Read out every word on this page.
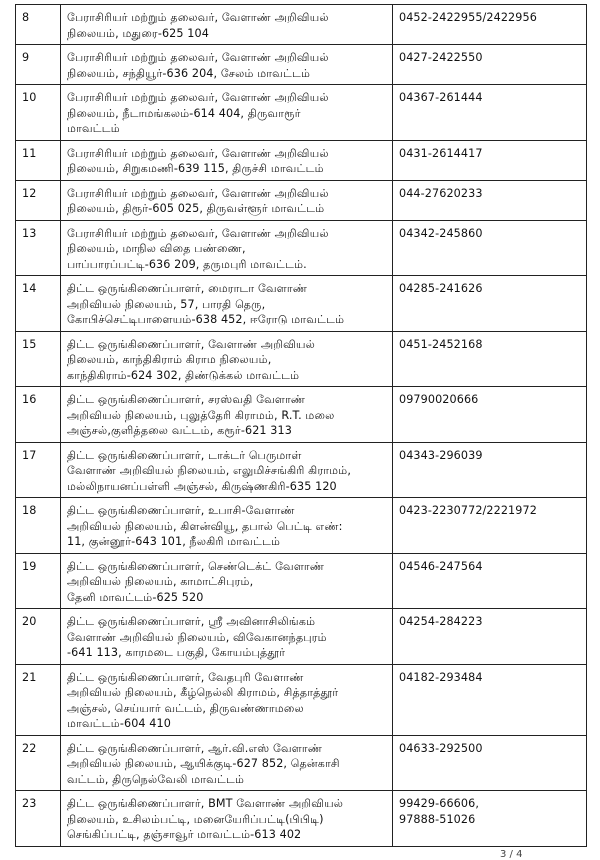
8	பேராசிரியர் மற்றும் தலைவர், வேளாண் அறிவியல்
நிலையம், மதுரை-625 104	0452-2422955/2422956

9	பேராசிரியர் மற்றும் தலைவர், வேளாண் அறிவியல்
நிலையம், சந்தியூர்-636 204, சேலம் மாவட்டம்	0427-2422550

10	பேராசிரியர் மற்றும் தலைவர், வேளாண் அறிவியல்
நிலையம், நீடாமங்கலம்-614 404, திருவாரூர்
மாவட்டம்	04367-261444

11	பேராசிரியர் மற்றும் தலைவர், வேளாண் அறிவியல்
நிலையம், சிறுகமணி-639 115, திருச்சி மாவட்டம்	0431-2614417

12	பேராசிரியர் மற்றும் தலைவர், வேளாண் அறிவியல்
நிலையம், திரூர்-605 025, திருவள்ளூர் மாவட்டம்	044-27620233

13	பேராசிரியர் மற்றும் தலைவர், வேளாண் அறிவியல்
நிலையம், மாநில விதை பண்ணை,
பாப்பாரப்பட்டி-636 209, தருமபுரி மாவட்டம்.	04342-245860

14	திட்ட ஒருங்கிணைப்பாளர், மைராடா வேளாண்
அறிவியல் நிலையம், 57, பாரதி தெரு,
கோபிச்செட்டிபாளையம்-638 452, ஈரோடு மாவட்டம்	04285-241626

15	திட்ட ஒருங்கிணைப்பாளர், வேளாண் அறிவியல்
நிலையம், காந்திகிராம் கிராம நிலையம்,
காந்திகிராம்-624 302, திண்டுக்கல் மாவட்டம்	0451-2452168

16	திட்ட ஒருங்கிணைப்பாளர், சரஸ்வதி வேளாண்
அறிவியல் நிலையம், புலுத்தேரி கிராமம், R.T. மலை
அஞ்சல்,குளித்தலை வட்டம், கரூர்-621 313	09790020666

17	திட்ட ஒருங்கிணைப்பாளர், டாக்டர் பெருமாள்
வேளாண் அறிவியல் நிலையம், எலுமிச்சங்கிரி கிராமம்,
மல்லிநாயனப்பள்ளி அஞ்சல், கிருஷ்ணகிரி-635 120	04343-296039

18	திட்ட ஒருங்கிணைப்பாளர், உபாசி-வேளாண்
அறிவியல் நிலையம், கிளன்வியூ, தபால் பெட்டி எண்:
11, குன்னூர்-643 101, நீலகிரி மாவட்டம்	0423-2230772/2221972

19	திட்ட ஒருங்கிணைப்பாளர், செண்டெக்ட் வேளாண்
அறிவியல் நிலையம், காமாட்சிபுரம்,
தேனி மாவட்டம்-625 520	04546-247564

20	திட்ட ஒருங்கிணைப்பாளர், ஸ்ரீ அவினாசிலிங்கம்
வேளாண் அறிவியல் நிலையம், விவேகானந்தபுரம்
-641 113, காரமடை பகுதி, கோயம்புத்தூர்	04254-284223

21	திட்ட ஒருங்கிணைப்பாளர், வேதபுரி வேளாண்
அறிவியல் நிலையம், கீழ்நெல்லி கிராமம், சித்தாத்தூர்
அஞ்சல், செய்யார் வட்டம், திருவண்ணாமலை
மாவட்டம்-604 410	04182-293484

22	திட்ட ஒருங்கிணைப்பாளர், ஆர்.வி.எஸ் வேளாண்
அறிவியல் நிலையம், ஆயிக்குடி-627 852, தென்காசி
வட்டம், திருநெல்வேலி மாவட்டம்	04633-292500

23	திட்ட ஒருங்கிணைப்பாளர், BMT வேளாண் அறிவியல்
நிலையம், உசிலம்பட்டி, மனையேரிப்பட்டி(பிபிடி)
செங்கிப்பட்டி, தஞ்சாவூர் மாவட்டம்-613 402	99429-66606,
97888-51026
3 / 4
